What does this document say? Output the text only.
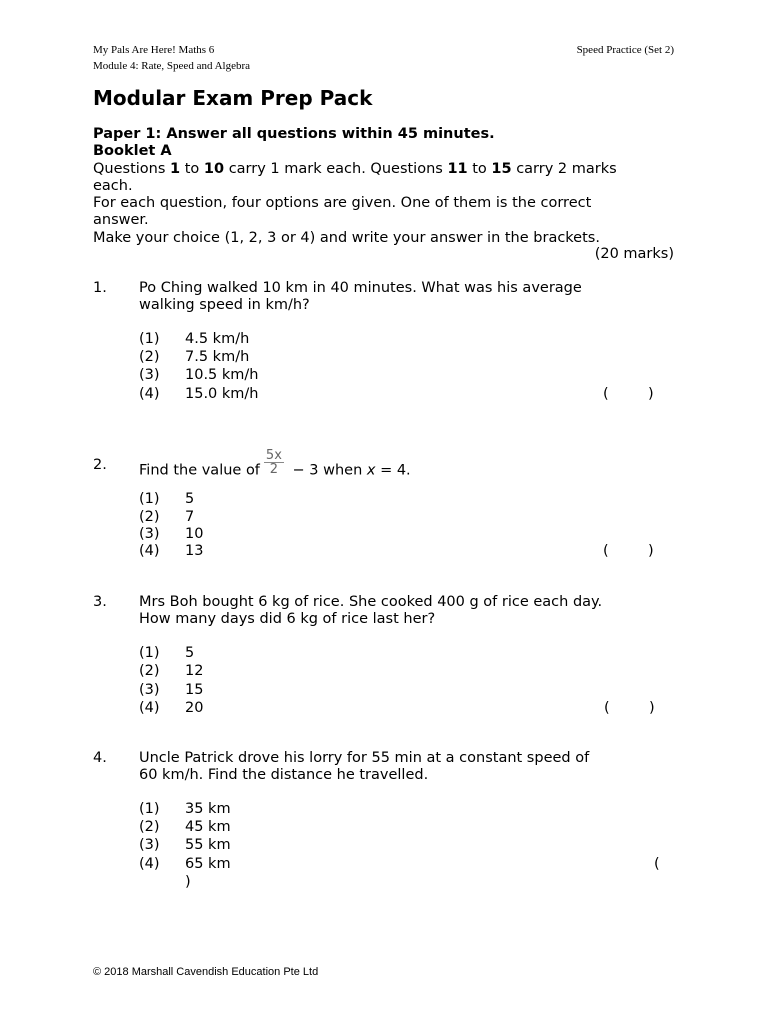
My Pals Are Here! Maths 6
Module 4: Rate, Speed and Algebra
Speed Practice (Set 2)
Modular Exam Prep Pack
Paper 1: Answer all questions within 45 minutes.
Booklet A
Questions 1 to 10 carry 1 mark each. Questions 11 to 15 carry 2 marks
each.
For each question, four options are given. One of them is the correct
answer.
Make your choice (1, 2, 3 or 4) and write your answer in the brackets.
(20 marks)
1. Po Ching walked 10 km in 40 minutes. What was his average
walking speed in km/h?
(1) 4.5 km/h
(2) 7.5 km/h
(3) 10.5 km/h
(4) 15.0 km/h	(	)
2. Find the value of $\frac{5x}{2} - 3$ when x = 4.
(1) 5
(2) 7
(3) 10
(4) 13	(	)
3. Mrs Boh bought 6 kg of rice. She cooked 400 g of rice each day.
How many days did 6 kg of rice last her?
(1) 5
(2) 12
(3) 15
(4) 20	(	)
4. Uncle Patrick drove his lorry for 55 min at a constant speed of
60 km/h. Find the distance he travelled.
(1) 35 km
(2) 45 km
(3) 55 km
(4) 65 km	(
)
© 2018 Marshall Cavendish Education Pte Ltd
